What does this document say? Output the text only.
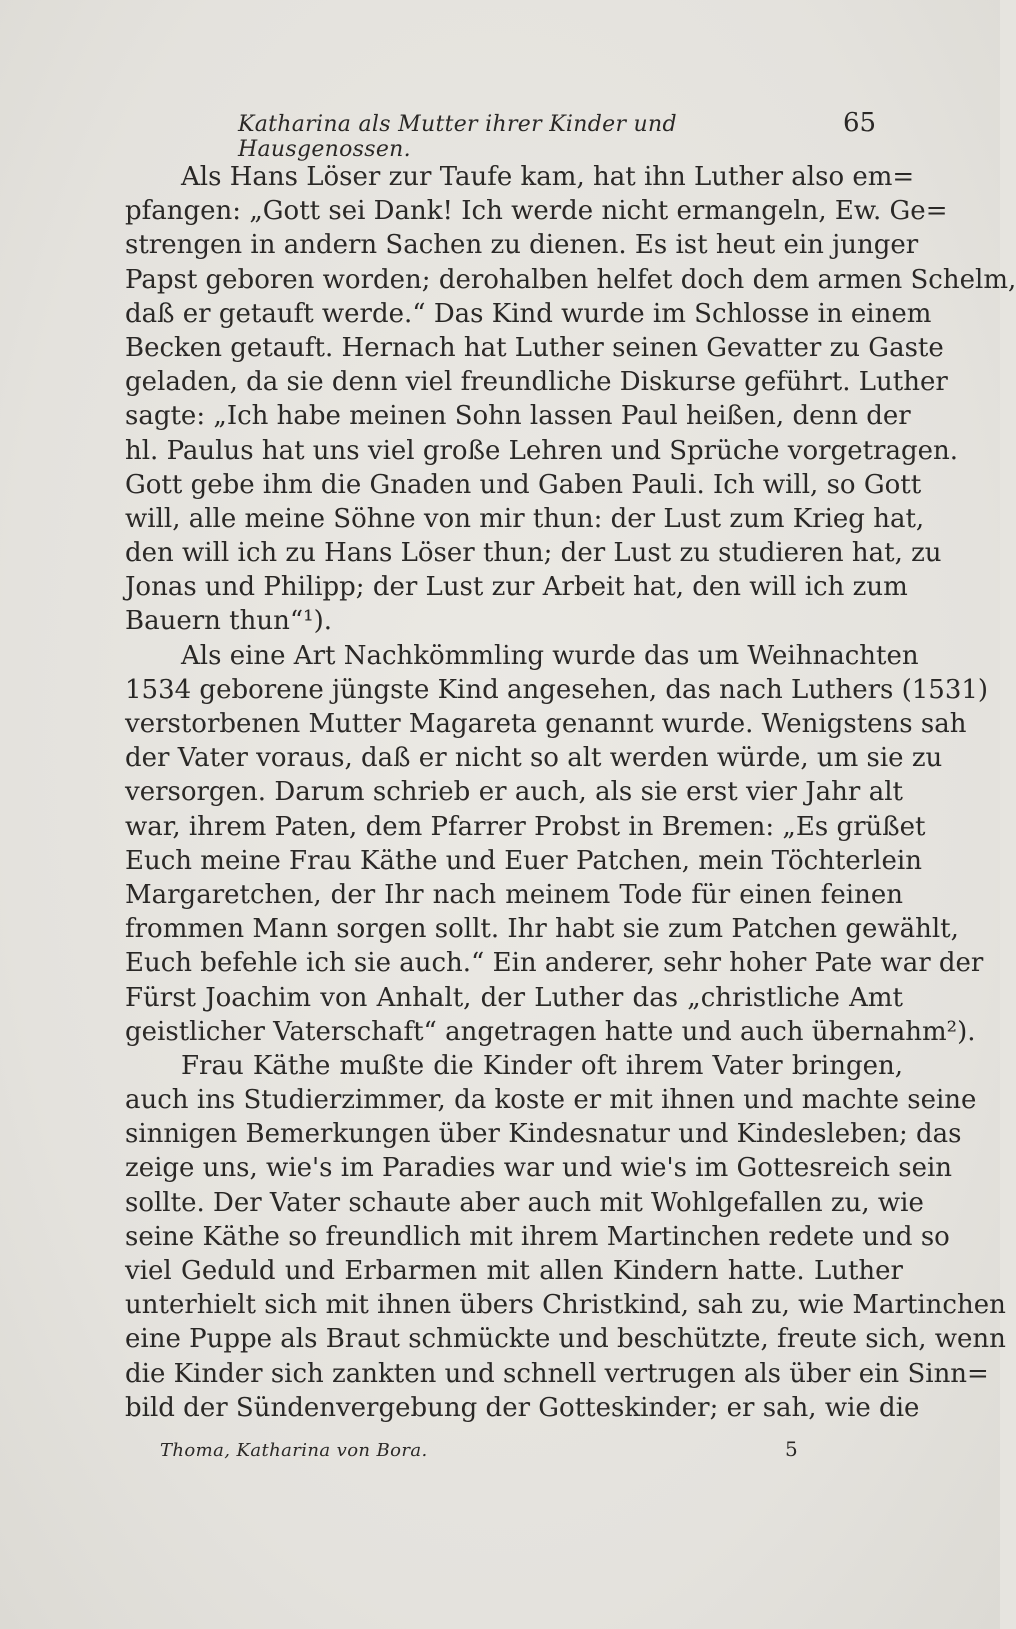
Katharina als Mutter ihrer Kinder und Hausgenossen.
65
Als Hans Löser zur Taufe kam, hat ihn Luther also em=
pfangen: „Gott sei Dank! Ich werde nicht ermangeln, Ew. Ge=
strengen in andern Sachen zu dienen. Es ist heut ein junger
Papst geboren worden; derohalben helfet doch dem armen Schelm,
daß er getauft werde.“ Das Kind wurde im Schlosse in einem
Becken getauft. Hernach hat Luther seinen Gevatter zu Gaste
geladen, da sie denn viel freundliche Diskurse geführt. Luther
sagte: „Ich habe meinen Sohn lassen Paul heißen, denn der
hl. Paulus hat uns viel große Lehren und Sprüche vorgetragen.
Gott gebe ihm die Gnaden und Gaben Pauli. Ich will, so Gott
will, alle meine Söhne von mir thun: der Lust zum Krieg hat,
den will ich zu Hans Löser thun; der Lust zu studieren hat, zu
Jonas und Philipp; der Lust zur Arbeit hat, den will ich zum
Bauern thun“¹).
Als eine Art Nachkömmling wurde das um Weihnachten
1534 geborene jüngste Kind angesehen, das nach Luthers (1531)
verstorbenen Mutter Magareta genannt wurde. Wenigstens sah
der Vater voraus, daß er nicht so alt werden würde, um sie zu
versorgen. Darum schrieb er auch, als sie erst vier Jahr alt
war, ihrem Paten, dem Pfarrer Probst in Bremen: „Es grüßet
Euch meine Frau Käthe und Euer Patchen, mein Töchterlein
Margaretchen, der Ihr nach meinem Tode für einen feinen
frommen Mann sorgen sollt. Ihr habt sie zum Patchen gewählt,
Euch befehle ich sie auch.“ Ein anderer, sehr hoher Pate war der
Fürst Joachim von Anhalt, der Luther das „christliche Amt
geistlicher Vaterschaft“ angetragen hatte und auch übernahm²).
Frau Käthe mußte die Kinder oft ihrem Vater bringen,
auch ins Studierzimmer, da koste er mit ihnen und machte seine
sinnigen Bemerkungen über Kindesnatur und Kindesleben; das
zeige uns, wie's im Paradies war und wie's im Gottesreich sein
sollte. Der Vater schaute aber auch mit Wohlgefallen zu, wie
seine Käthe so freundlich mit ihrem Martinchen redete und so
viel Geduld und Erbarmen mit allen Kindern hatte. Luther
unterhielt sich mit ihnen übers Christkind, sah zu, wie Martinchen
eine Puppe als Braut schmückte und beschützte, freute sich, wenn
die Kinder sich zankten und schnell vertrugen als über ein Sinn=
bild der Sündenvergebung der Gotteskinder; er sah, wie die
Thoma, Katharina von Bora.	5
